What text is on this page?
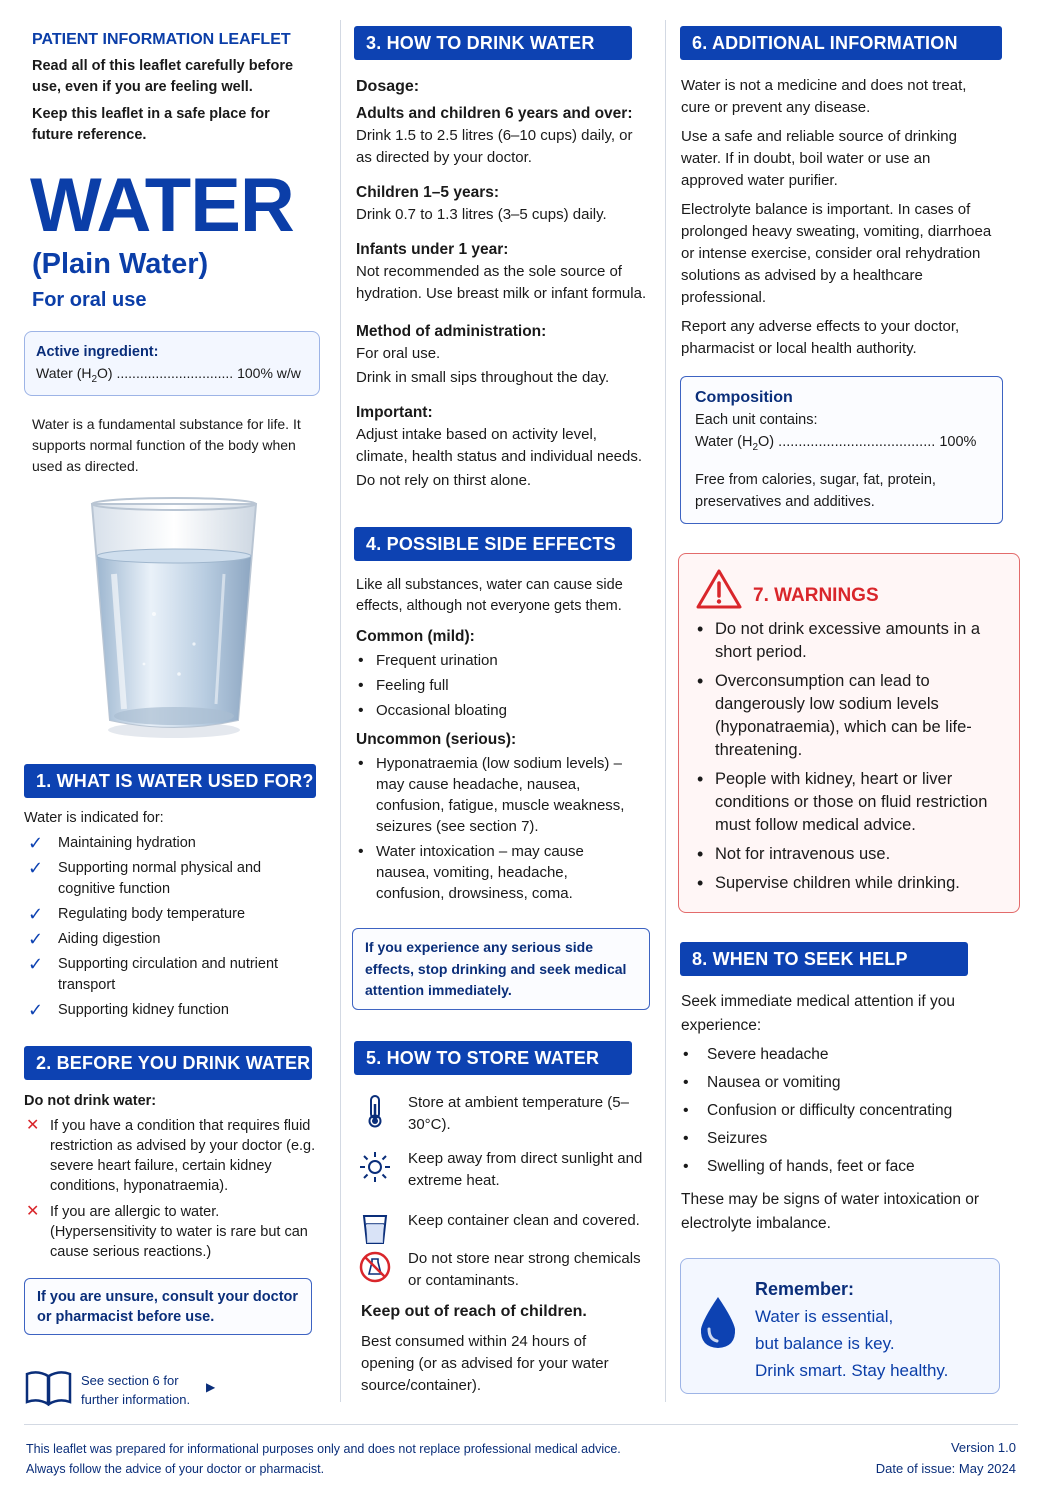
PATIENT INFORMATION LEAFLET
Read all of this leaflet carefully before use, even if you are feeling well.
Keep this leaflet in a safe place for future reference.
WATER
(Plain Water)
For oral use
Active ingredient:
Water $(H_2O)$ .............................. 100% w/w
Water is a fundamental substance for life. It supports normal function of the body when used as directed.
1. WHAT IS WATER USED FOR?
Water is indicated for:
✓ Maintaining hydration
✓ Supporting normal physical and cognitive function
✓ Regulating body temperature
✓ Aiding digestion
✓ Supporting circulation and nutrient transport
✓ Supporting kidney function
2. BEFORE YOU DRINK WATER
Do not drink water:
✕ If you have a condition that requires fluid restriction as advised by your doctor (e.g. severe heart failure, certain kidney conditions, hyponatraemia).
✕ If you are allergic to water. (Hypersensitivity to water is rare but can cause serious reactions.)
If you are unsure, consult your doctor or pharmacist before use.
See section 6 for further information.
▶
3. HOW TO DRINK WATER
Dosage:
Adults and children 6 years and over:
Drink 1.5 to 2.5 litres (6–10 cups) daily, or as directed by your doctor.
Children 1–5 years:
Drink 0.7 to 1.3 litres (3–5 cups) daily.
Infants under 1 year:
Not recommended as the sole source of hydration. Use breast milk or infant formula.
Method of administration:
For oral use.
Drink in small sips throughout the day.
Important:
Adjust intake based on activity level, climate, health status and individual needs.
Do not rely on thirst alone.
4. POSSIBLE SIDE EFFECTS
Like all substances, water can cause side effects, although not everyone gets them.
Common (mild):
• Frequent urination
• Feeling full
• Occasional bloating
Uncommon (serious):
• Hyponatraemia (low sodium levels) – may cause headache, nausea, confusion, fatigue, muscle weakness, seizures (see section 7).
• Water intoxication – may cause nausea, vomiting, headache, confusion, drowsiness, coma.
If you experience any serious side effects, stop drinking and seek medical attention immediately.
5. HOW TO STORE WATER
Store at ambient temperature (5–30°C).
Keep away from direct sunlight and extreme heat.
Keep container clean and covered.
Do not store near strong chemicals or contaminants.
Keep out of reach of children.
Best consumed within 24 hours of opening (or as advised for your water source/container).
6. ADDITIONAL INFORMATION
Water is not a medicine and does not treat, cure or prevent any disease.
Use a safe and reliable source of drinking water. If in doubt, boil water or use an approved water purifier.
Electrolyte balance is important. In cases of prolonged heavy sweating, vomiting, diarrhoea or intense exercise, consider oral rehydration solutions as advised by a healthcare professional.
Report any adverse effects to your doctor, pharmacist or local health authority.
Composition
Each unit contains:
Water $(H_2O)$ ....................................... 100%
Free from calories, sugar, fat, protein, preservatives and additives.
7. WARNINGS
• Do not drink excessive amounts in a short period.
• Overconsumption can lead to dangerously low sodium levels (hyponatraemia), which can be life-threatening.
• People with kidney, heart or liver conditions or those on fluid restriction must follow medical advice.
• Not for intravenous use.
• Supervise children while drinking.
8. WHEN TO SEEK HELP
Seek immediate medical attention if you experience:
• Severe headache
• Nausea or vomiting
• Confusion or difficulty concentrating
• Seizures
• Swelling of hands, feet or face
These may be signs of water intoxication or electrolyte imbalance.
Remember:
Water is essential,
but balance is key.
Drink smart. Stay healthy.
This leaflet was prepared for informational purposes only and does not replace professional medical advice.
Always follow the advice of your doctor or pharmacist.
Version 1.0
Date of issue: May 2024
